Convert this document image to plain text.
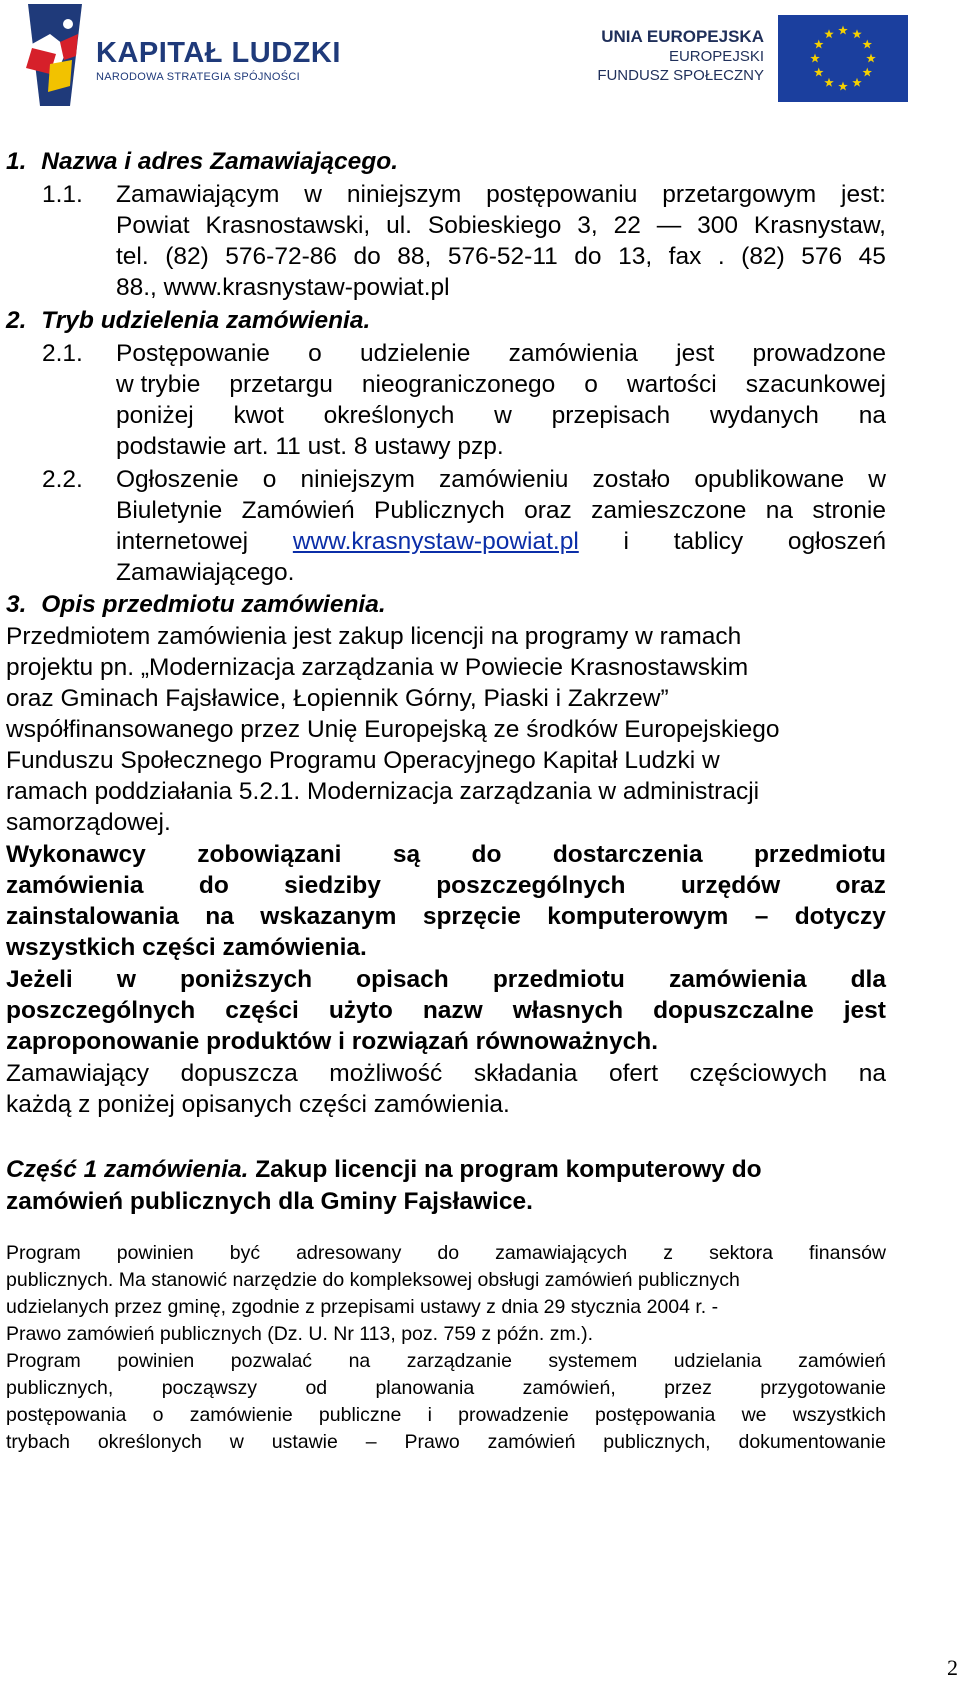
KAPITAŁ LUDZKI
NARODOWA STRATEGIA SPÓJNOŚCI
UNIA EUROPEJSKA
EUROPEJSKI
FUNDUSZ SPOŁECZNY
1. Nazwa i adres Zamawiającego.
1.1. Zamawiającym w niniejszym postępowaniu przetargowym jest:
Powiat Krasnostawski, ul. Sobieskiego 3, 22 — 300 Krasnystaw,
tel. (82) 576-72-86 do 88, 576-52-11 do 13, fax . (82) 576 45
88., www.krasnystaw-powiat.pl
2. Tryb udzielenia zamówienia.
2.1. Postępowanie o udzielenie zamówienia jest prowadzone
w trybie przetargu nieograniczonego o wartości szacunkowej
poniżej kwot określonych w przepisach wydanych na
podstawie art. 11 ust. 8 ustawy pzp.
2.2. Ogłoszenie o niniejszym zamówieniu zostało opublikowane w
Biuletynie Zamówień Publicznych oraz zamieszczone na stronie
internetowej www.krasnystaw-powiat.pl i tablicy ogłoszeń
Zamawiającego.
3. Opis przedmiotu zamówienia.
Przedmiotem zamówienia jest zakup licencji na programy w ramach
projektu pn. „Modernizacja zarządzania w Powiecie Krasnostawskim
oraz Gminach Fajsławice, Łopiennik Górny, Piaski i Zakrzew”
współfinansowanego przez Unię Europejską ze środków Europejskiego
Funduszu Społecznego Programu Operacyjnego Kapitał Ludzki w
ramach poddziałania 5.2.1. Modernizacja zarządzania w administracji
samorządowej.
Wykonawcy zobowiązani są do dostarczenia przedmiotu
zamówienia do siedziby poszczególnych urzędów oraz
zainstalowania na wskazanym sprzęcie komputerowym – dotyczy
wszystkich części zamówienia.
Jeżeli w poniższych opisach przedmiotu zamówienia dla
poszczególnych części użyto nazw własnych dopuszczalne jest
zaproponowanie produktów i rozwiązań równoważnych.
Zamawiający dopuszcza możliwość składania ofert częściowych na
każdą z poniżej opisanych części zamówienia.
Część 1 zamówienia. Zakup licencji na program komputerowy do
zamówień publicznych dla Gminy Fajsławice.
Program powinien być adresowany do zamawiających z sektora finansów
publicznych. Ma stanowić narzędzie do kompleksowej obsługi zamówień publicznych
udzielanych przez gminę, zgodnie z przepisami ustawy z dnia 29 stycznia 2004 r. -
Prawo zamówień publicznych (Dz. U. Nr 113, poz. 759 z późn. zm.).
Program powinien pozwalać na zarządzanie systemem udzielania zamówień
publicznych, począwszy od planowania zamówień, przez przygotowanie
postępowania o zamówienie publiczne i prowadzenie postępowania we wszystkich
trybach określonych w ustawie – Prawo zamówień publicznych, dokumentowanie
2
